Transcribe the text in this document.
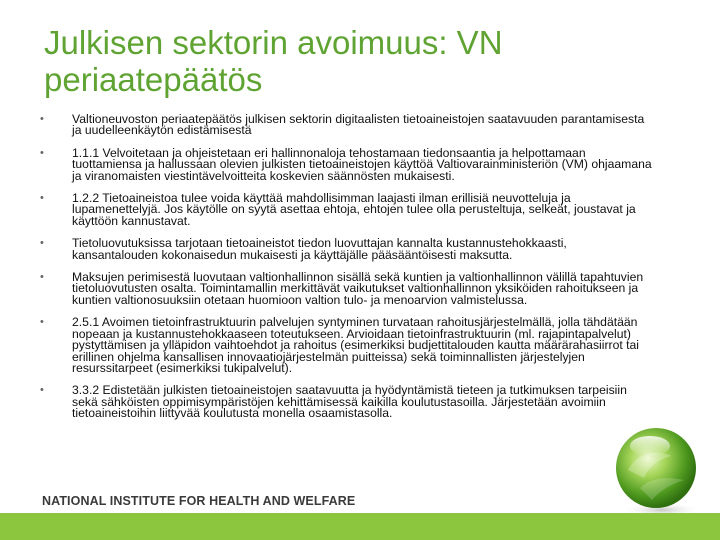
Julkisen sektorin avoimuus: VN
periaatepäätös
• Valtioneuvoston periaatepäätös julkisen sektorin digitaalisten tietoaineistojen saatavuuden parantamisesta ja uudelleenkäytön edistämisestä
• 1.1.1 Velvoitetaan ja ohjeistetaan eri hallinnonaloja tehostamaan tiedonsaantia ja helpottamaan tuottamiensa ja hallussaan olevien julkisten tietoaineistojen käyttöä Valtiovarainministeriön (VM) ohjaamana ja viranomaisten viestintävelvoitteita koskevien säännösten mukaisesti.
• 1.2.2 Tietoaineistoa tulee voida käyttää mahdollisimman laajasti ilman erillisiä neuvotteluja ja lupamenettelyjä. Jos käytölle on syytä asettaa ehtoja, ehtojen tulee olla perusteltuja, selkeät, joustavat ja käyttöön kannustavat.
• Tietoluovutuksissa tarjotaan tietoaineistot tiedon luovuttajan kannalta kustannustehokkaasti, kansantalouden kokonaisedun mukaisesti ja käyttäjälle pääsääntöisesti maksutta.
• Maksujen perimisestä luovutaan valtionhallinnon sisällä sekä kuntien ja valtionhallinnon välillä tapahtuvien tietoluovutusten osalta. Toimintamallin merkittävät vaikutukset valtionhallinnon yksiköiden rahoitukseen ja kuntien valtionosuuksiin otetaan huomioon valtion tulo- ja menoarvion valmistelussa.
• 2.5.1 Avoimen tietoinfrastruktuurin palvelujen syntyminen turvataan rahoitusjärjestelmällä, jolla tähdätään nopeaan ja kustannustehokkaaseen toteutukseen. Arvioidaan tietoinfrastruktuurin (ml. rajapintapalvelut) pystyttämisen ja ylläpidon vaihtoehdot ja rahoitus (esimerkiksi budjettitalouden kautta määrärahasiirrot tai erillinen ohjelma kansallisen innovaatiojärjestelmän puitteissa) sekä toiminnallisten järjestelyjen resurssitarpeet (esimerkiksi tukipalvelut).
• 3.3.2 Edistetään julkisten tietoaineistojen saatavuutta ja hyödyntämistä tieteen ja tutkimuksen tarpeisiin sekä sähköisten oppimisympäristöjen kehittämisessä kaikilla koulutustasoilla. Järjestetään avoimiin tietoaineistoihin liittyvää koulutusta monella osaamistasolla.
NATIONAL INSTITUTE FOR HEALTH AND WELFARE
